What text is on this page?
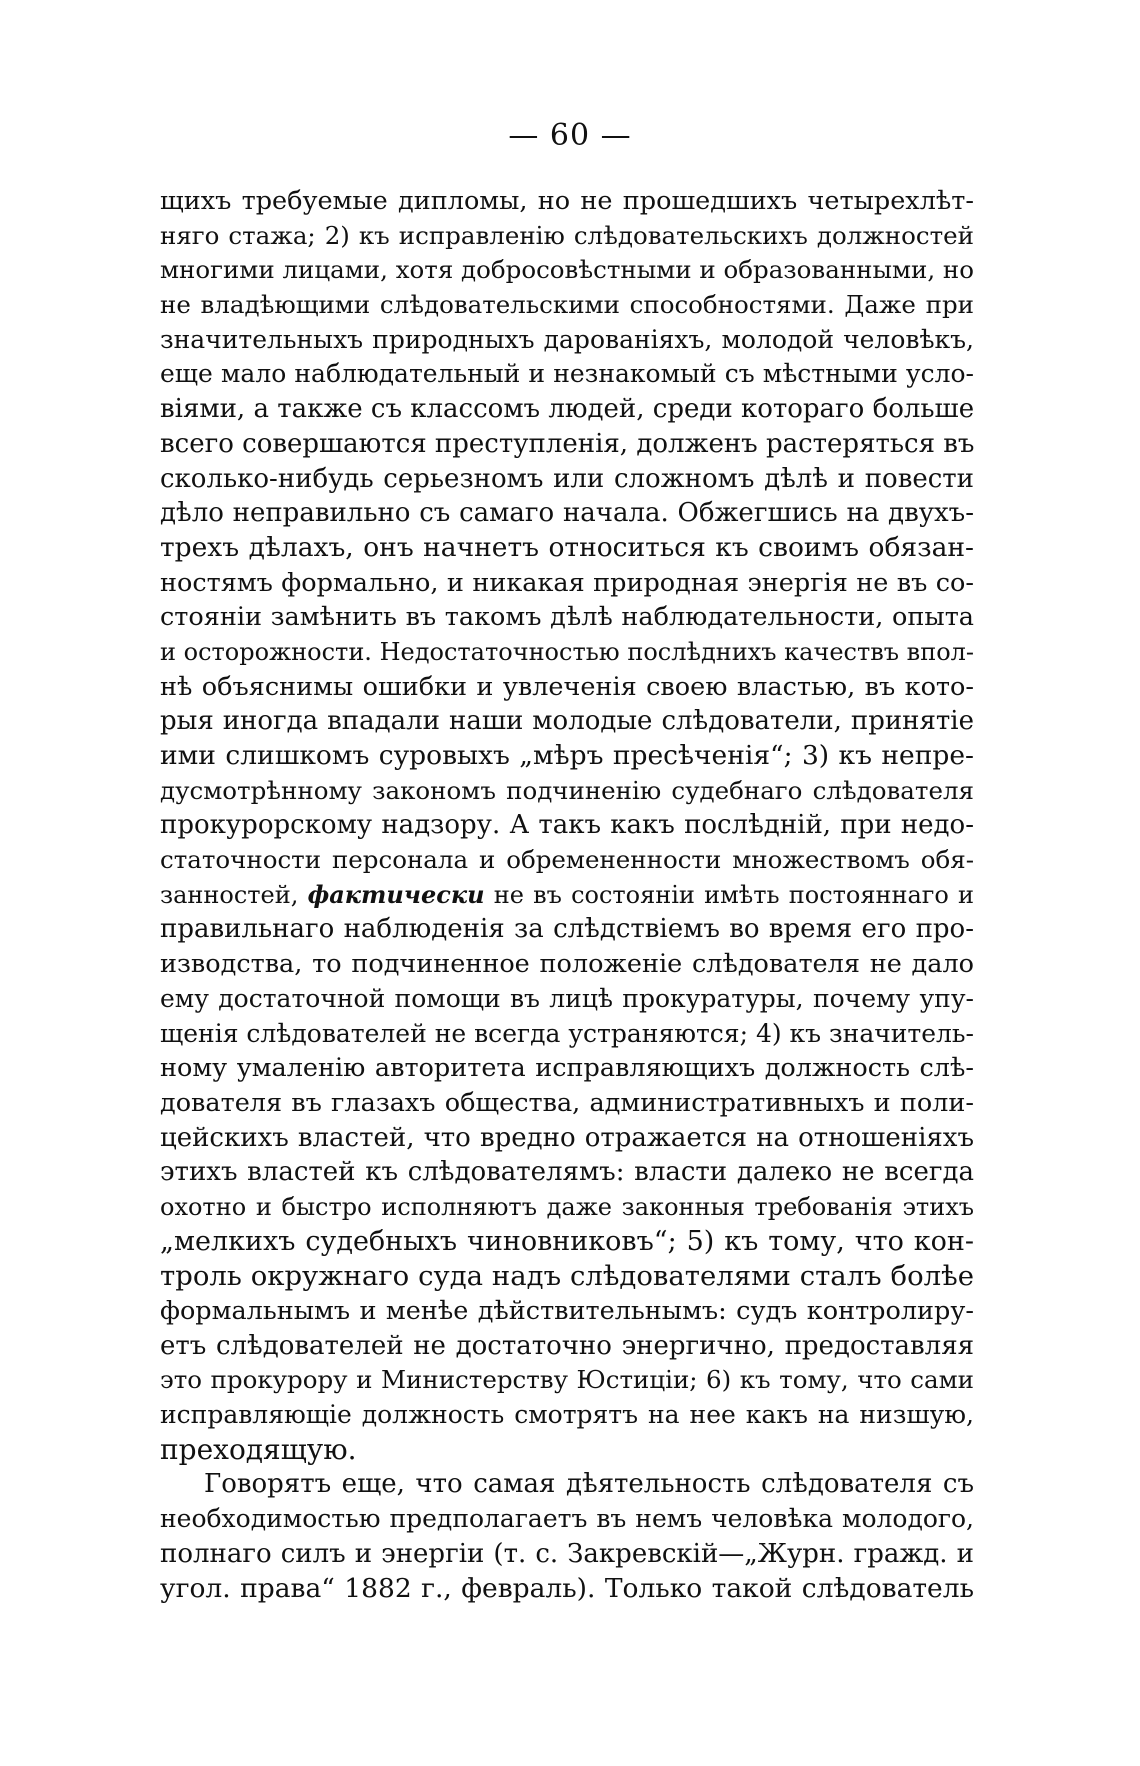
— 60 —
щихъ требуемые дипломы, но не прошедшихъ четырехлѣт-
няго стажа; 2) къ исправленію слѣдовательскихъ должностей
многими лицами, хотя добросовѣстными и образованными, но
не владѣющими слѣдовательскими способностями. Даже при
значительныхъ природныхъ дарованіяхъ, молодой человѣкъ,
еще мало наблюдательный и незнакомый съ мѣстными усло-
віями, а также съ классомъ людей, среди котораго больше
всего совершаются преступленія, долженъ растеряться въ
сколько-нибудь серьезномъ или сложномъ дѣлѣ и повести
дѣло неправильно съ самаго начала. Обжегшись на двухъ-
трехъ дѣлахъ, онъ начнетъ относиться къ своимъ обязан-
ностямъ формально, и никакая природная энергія не въ со-
стояніи замѣнить въ такомъ дѣлѣ наблюдательности, опыта
и осторожности. Недостаточностью послѣднихъ качествъ впол-
нѣ объяснимы ошибки и увлеченія своею властью, въ кото-
рыя иногда впадали наши молодые слѣдователи, принятіе
ими слишкомъ суровыхъ „мѣръ пресѣченія“; 3) къ непре-
дусмотрѣнному закономъ подчиненію судебнаго слѣдователя
прокурорскому надзору. А такъ какъ послѣдній, при недо-
статочности персонала и обремененности множествомъ обя-
занностей, фактически не въ состояніи имѣть постояннаго и
правильнаго наблюденія за слѣдствіемъ во время его про-
изводства, то подчиненное положеніе слѣдователя не дало
ему достаточной помощи въ лицѣ прокуратуры, почему упу-
щенія слѣдователей не всегда устраняются; 4) къ значитель-
ному умаленію авторитета исправляющихъ должность слѣ-
дователя въ глазахъ общества, административныхъ и поли-
цейскихъ властей, что вредно отражается на отношеніяхъ
этихъ властей къ слѣдователямъ: власти далеко не всегда
охотно и быстро исполняютъ даже законныя требованія этихъ
„мелкихъ судебныхъ чиновниковъ“; 5) къ тому, что кон-
троль окружнаго суда надъ слѣдователями сталъ болѣе
формальнымъ и менѣе дѣйствительнымъ: судъ контролиру-
етъ слѣдователей не достаточно энергично, предоставляя
это прокурору и Министерству Юстиціи; 6) къ тому, что сами
исправляющіе должность смотрятъ на нее какъ на низшую,
преходящую.
Говорятъ еще, что самая дѣятельность слѣдователя съ
необходимостью предполагаетъ въ немъ человѣка молодого,
полнаго силъ и энергіи (т. с. Закревскій—„Журн. гражд. и
угол. права“ 1882 г., февраль). Только такой слѣдователь
